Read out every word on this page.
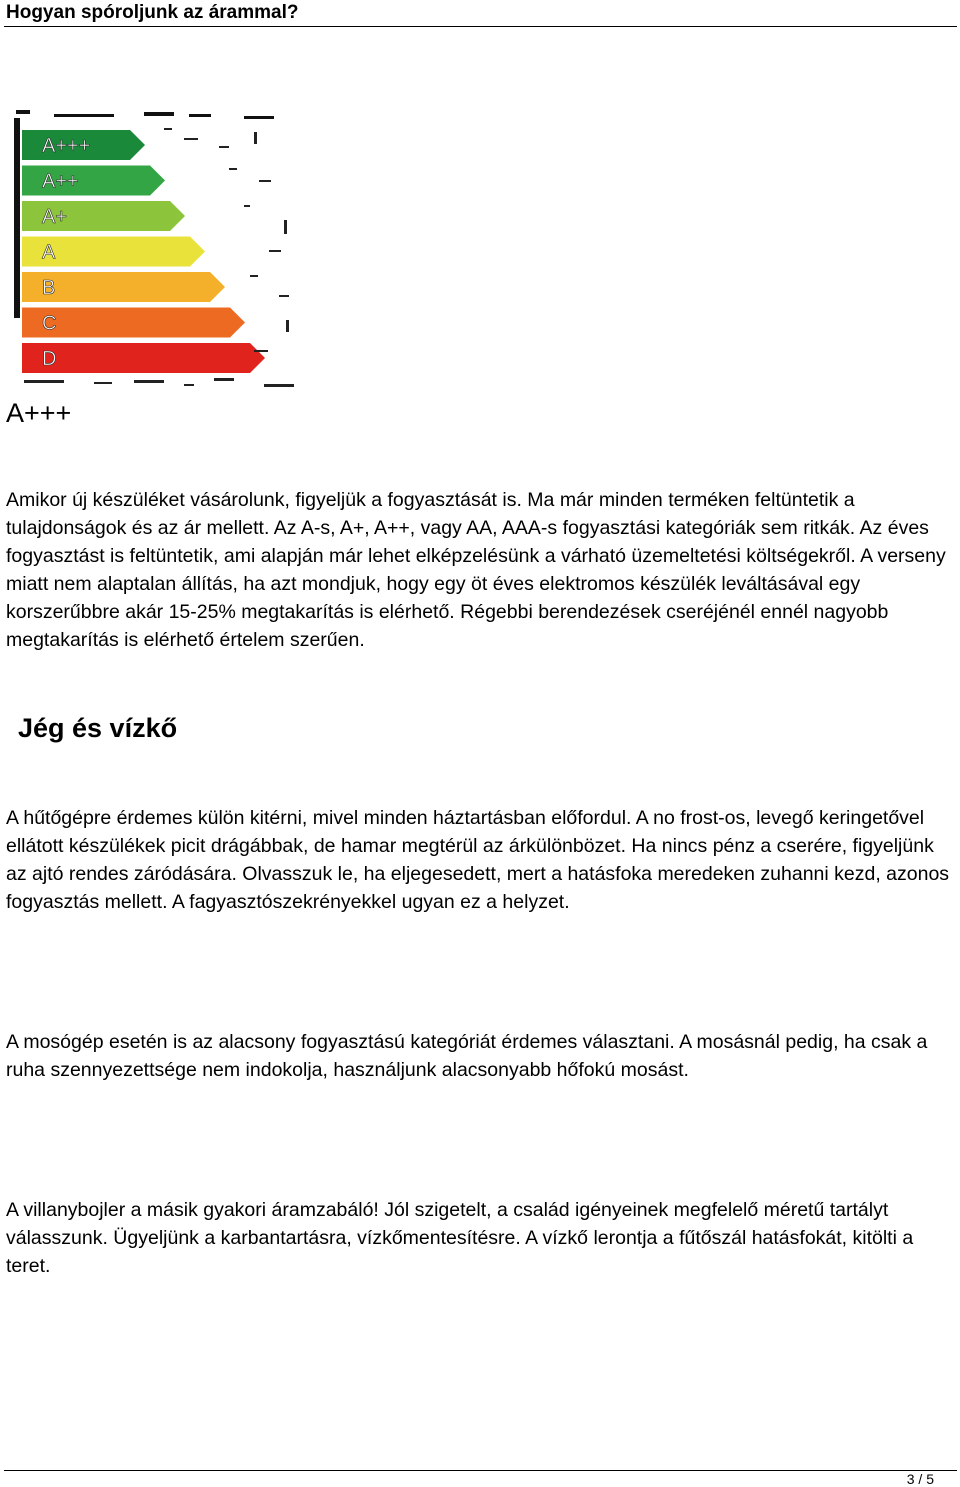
Hogyan spóroljunk az árammal?
A+++
A++
A+
A
B
C
D
A+++

Amikor új készüléket vásárolunk, figyeljük a fogyasztását is. Ma már minden terméken feltüntetik a tulajdonságok és az ár mellett. Az A-s, A+, A++, vagy AA, AAA-s fogyasztási kategóriák sem ritkák. Az éves fogyasztást is feltüntetik, ami alapján már lehet elképzelésünk a várható üzemeltetési költségekről. A verseny miatt nem alaptalan állítás, ha azt mondjuk, hogy egy öt éves elektromos készülék leváltásával egy korszerűbbre akár 15-25% megtakarítás is elérhető. Régebbi berendezések cseréjénél ennél nagyobb megtakarítás is elérhető értelem szerűen.

Jég és vízkő

A hűtőgépre érdemes külön kitérni, mivel minden háztartásban előfordul. A no frost-os, levegő keringetővel ellátott készülékek picit drágábbak, de hamar megtérül az árkülönbözet. Ha nincs pénz a cserére, figyeljünk az ajtó rendes záródására. Olvasszuk le, ha eljegesedett, mert a hatásfoka meredeken zuhanni kezd, azonos fogyasztás mellett. A fagyasztószekrényekkel ugyan ez a helyzet.

A mosógép esetén is az alacsony fogyasztású kategóriát érdemes választani. A mosásnál pedig, ha csak a ruha szennyezettsége nem indokolja, használjunk alacsonyabb hőfokú mosást.

A villanybojler a másik gyakori áramzabáló! Jól szigetelt, a család igényeinek megfelelő méretű tartályt válasszunk. Ügyeljünk a karbantartásra, vízkőmentesítésre. A vízkő lerontja a fűtőszál hatásfokát, kitölti a teret.

3 / 5
